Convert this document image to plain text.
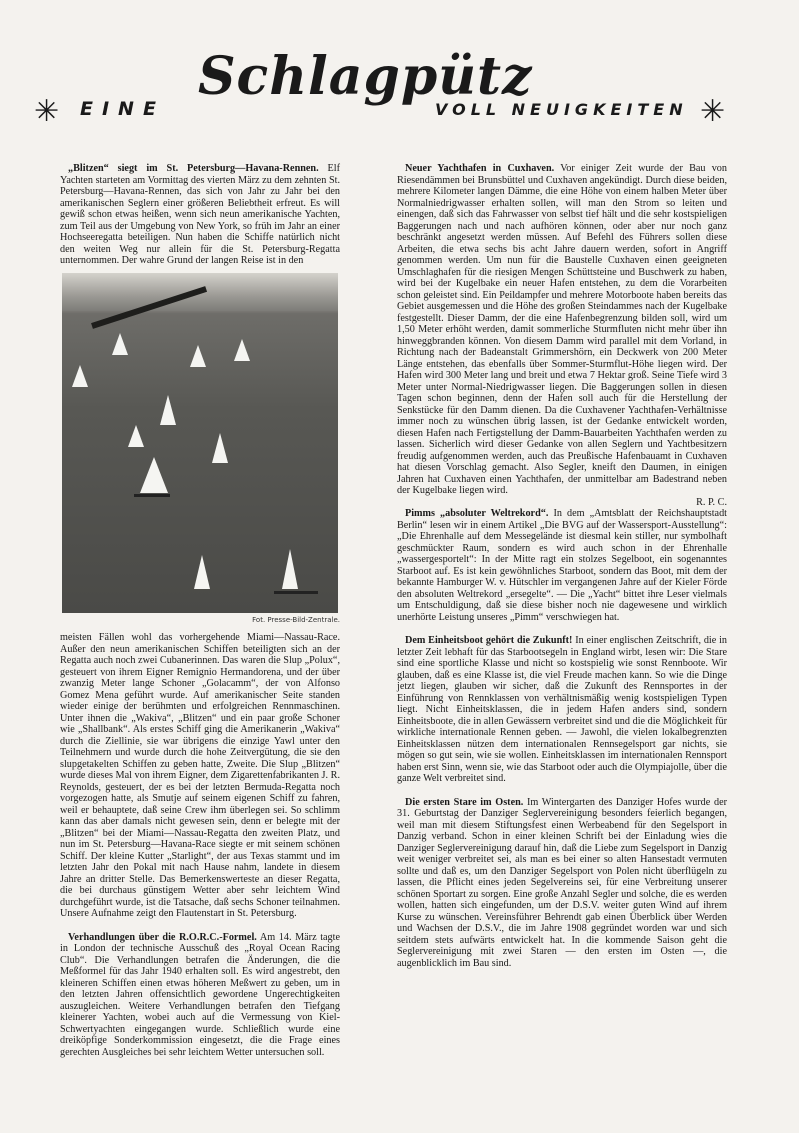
✳ EINE
Schlagpütz
VOLL NEUIGKEITEN ✳

„Blitzen“ siegt im St. Petersburg—Havana-Rennen. Elf Yachten starteten am Vormittag des vierten März zu dem zehnten St. Petersburg—Havana-Rennen, das sich von Jahr zu Jahr bei den amerikanischen Seglern einer größeren Beliebtheit erfreut. Es will gewiß schon etwas heißen, wenn sich neun amerikanische Yachten, zum Teil aus der Umgebung von New York, so früh im Jahr an einer Hochseeregatta beteiligen. Nun haben die Schiffe natürlich nicht den weiten Weg nur allein für die St. Petersburg-Regatta unternommen. Der wahre Grund der langen Reise ist in den

Fot. Presse-Bild-Zentrale.

meisten Fällen wohl das vorhergehende Miami—Nassau-Race. Außer den neun amerikanischen Schiffen beteiligten sich an der Regatta auch noch zwei Cubanerinnen. Das waren die Slup „Polux“, gesteuert von ihrem Eigner Remignio Hermandorena, und der über zwanzig Meter lange Schoner „Golacamm“, der von Alfonso Gomez Mena geführt wurde. Auf amerikanischer Seite standen wieder einige der berühmten und erfolgreichen Rennmaschinen. Unter ihnen die „Wakiva“, „Blitzen“ und ein paar große Schoner wie „Shallbank“. Als erstes Schiff ging die Amerikanerin „Wakiva“ durch die Ziellinie, sie war übrigens die einzige Yawl unter den Teilnehmern und wurde durch die hohe Zeitvergütung, die sie den slupgetakelten Schiffen zu geben hatte, Zweite. Die Slup „Blitzen“ wurde dieses Mal von ihrem Eigner, dem Zigarettenfabrikanten J. R. Reynolds, gesteuert, der es bei der letzten Bermuda-Regatta noch vorgezogen hatte, als Smutje auf seinem eigenen Schiff zu fahren, weil er behauptete, daß seine Crew ihm überlegen sei. So schlimm kann das aber damals nicht gewesen sein, denn er belegte mit der „Blitzen“ bei der Miami—Nassau-Regatta den zweiten Platz, und nun im St. Petersburg—Havana-Race siegte er mit seinem schönen Schiff. Der kleine Kutter „Starlight“, der aus Texas stammt und im letzten Jahr den Pokal mit nach Hause nahm, landete in diesem Jahre an dritter Stelle. Das Bemerkenswerteste an dieser Regatta, die bei durchaus günstigem Wetter aber sehr leichtem Wind durchgeführt wurde, ist die Tatsache, daß sechs Schoner teilnahmen. Unsere Aufnahme zeigt den Flautenstart in St. Petersburg.

Verhandlungen über die R.O.R.C.-Formel. Am 14. März tagte in London der technische Ausschuß des „Royal Ocean Racing Club“. Die Verhandlungen betrafen die Änderungen, die die Meßformel für das Jahr 1940 erhalten soll. Es wird angestrebt, den kleineren Schiffen einen etwas höheren Meßwert zu geben, um in den letzten Jahren offensichtlich gewordene Ungerechtigkeiten auszugleichen. Weitere Verhandlungen betrafen den Tiefgang kleinerer Yachten, wobei auch auf die Vermessung von Kiel-Schwertyachten eingegangen wurde. Schließlich wurde eine dreiköpfige Sonderkommission eingesetzt, die die Frage eines gerechten Ausgleiches bei sehr leichtem Wetter untersuchen soll.

Neuer Yachthafen in Cuxhaven. Vor einiger Zeit wurde der Bau von Riesendämmen bei Brunsbüttel und Cuxhaven angekündigt. Durch diese beiden, mehrere Kilometer langen Dämme, die eine Höhe von einem halben Meter über Normalniedrigwasser erhalten sollen, will man den Strom so leiten und einengen, daß sich das Fahrwasser von selbst tief hält und die sehr kostspieligen Baggerungen nach und nach aufhören können, oder aber nur noch ganz beschränkt angesetzt werden müssen. Auf Befehl des Führers sollen diese Arbeiten, die etwa sechs bis acht Jahre dauern werden, sofort in Angriff genommen werden. Um nun für die Baustelle Cuxhaven einen geeigneten Umschlaghafen für die riesigen Mengen Schüttsteine und Buschwerk zu haben, wird bei der Kugelbake ein neuer Hafen entstehen, zu dem die Vorarbeiten schon geleistet sind. Ein Peildampfer und mehrere Motorboote haben bereits das Gebiet ausgemessen und die Höhe des großen Steindammes nach der Kugelbake festgestellt. Dieser Damm, der die eine Hafenbegrenzung bilden soll, wird um 1,50 Meter erhöht werden, damit sommerliche Sturmfluten nicht mehr über ihn hinweggbranden können. Von diesem Damm wird parallel mit dem Vorland, in Richtung nach der Badeanstalt Grimmershörn, ein Deckwerk von 200 Meter Länge entstehen, das ebenfalls über Sommer-Sturmflut-Höhe liegen wird. Der Hafen wird 300 Meter lang und breit und etwa 7 Hektar groß. Seine Tiefe wird 3 Meter unter Normal-Niedrigwasser liegen. Die Baggerungen sollen in diesen Tagen schon beginnen, denn der Hafen soll auch für die Herstellung der Senkstücke für den Damm dienen. Da die Cuxhavener Yachthafen-Verhältnisse immer noch zu wünschen übrig lassen, ist der Gedanke entwickelt worden, diesen Hafen nach Fertigstellung der Damm-Bauarbeiten Yachthafen werden zu lassen. Sicherlich wird dieser Gedanke von allen Seglern und Yachtbesitzern freudig aufgenommen werden, auch das Preußische Hafenbauamt in Cuxhaven hat diesen Vorschlag gemacht. Also Segler, kneift den Daumen, in einigen Jahren hat Cuxhaven einen Yachthafen, der unmittelbar am Badestrand neben der Kugelbake liegen wird.

R. P. C.

Pimms „absoluter Weltrekord“. In dem „Amtsblatt der Reichshauptstadt Berlin“ lesen wir in einem Artikel „Die BVG auf der Wassersport-Ausstellung“: „Die Ehrenhalle auf dem Messegelände ist diesmal kein stiller, nur symbolhaft geschmückter Raum, sondern es wird auch schon in der Ehrenhalle „wassergesportelt“: In der Mitte ragt ein stolzes Segelboot, ein sogenanntes Starboot auf. Es ist kein gewöhnliches Starboot, sondern das Boot, mit dem der bekannte Hamburger W. v. Hütschler im vergangenen Jahre auf der Kieler Förde den absoluten Weltrekord „ersegelte“. — Die „Yacht“ bittet ihre Leser vielmals um Entschuldigung, daß sie diese bisher noch nie dagewesene und wirklich unerhörte Leistung unseres „Pimm“ verschwiegen hat.

Dem Einheitsboot gehört die Zukunft! In einer englischen Zeitschrift, die in letzter Zeit lebhaft für das Starbootsegeln in England wirbt, lesen wir: Die Stare sind eine sportliche Klasse und nicht so kostspielig wie sonst Rennboote. Wir glauben, daß es eine Klasse ist, die viel Freude machen kann. So wie die Dinge jetzt liegen, glauben wir sicher, daß die Zukunft des Rennsportes in der Einführung von Rennklassen von verhältnismäßig wenig kostspieligen Typen liegt. Nicht Einheitsklassen, die in jedem Hafen anders sind, sondern Einheitsboote, die in allen Gewässern verbreitet sind und die die Möglichkeit für wirkliche internationale Rennen geben. — Jawohl, die vielen lokalbegrenzten Einheitsklassen nützen dem internationalen Rennsegelsport gar nichts, sie mögen so gut sein, wie sie wollen. Einheitsklassen im internationalen Rennsport haben erst Sinn, wenn sie, wie das Starboot oder auch die Olympiajolle, über die ganze Welt verbreitet sind.

Die ersten Stare im Osten. Im Wintergarten des Danziger Hofes wurde der 31. Geburtstag der Danziger Seglervereinigung besonders feierlich begangen, weil man mit diesem Stiftungsfest einen Werbeabend für den Segelsport in Danzig verband. Schon in einer kleinen Schrift bei der Einladung wies die Danziger Seglervereinigung darauf hin, daß die Liebe zum Segelsport in Danzig weit weniger verbreitet sei, als man es bei einer so alten Hansestadt vermuten sollte und daß es, um den Danziger Segelsport von Polen nicht überflügeln zu lassen, die Pflicht eines jeden Segelvereins sei, für eine Verbreitung unserer schönen Sportart zu sorgen. Eine große Anzahl Segler und solche, die es werden wollen, hatten sich eingefunden, um der D.S.V. weiter guten Wind auf ihrem Kurse zu wünschen. Vereinsführer Behrendt gab einen Überblick über Werden und Wachsen der D.S.V., die im Jahre 1908 gegründet worden war und sich seitdem stets aufwärts entwickelt hat. In die kommende Saison geht die Seglervereinigung mit zwei Staren — den ersten im Osten —, die augenblicklich im Bau sind.
